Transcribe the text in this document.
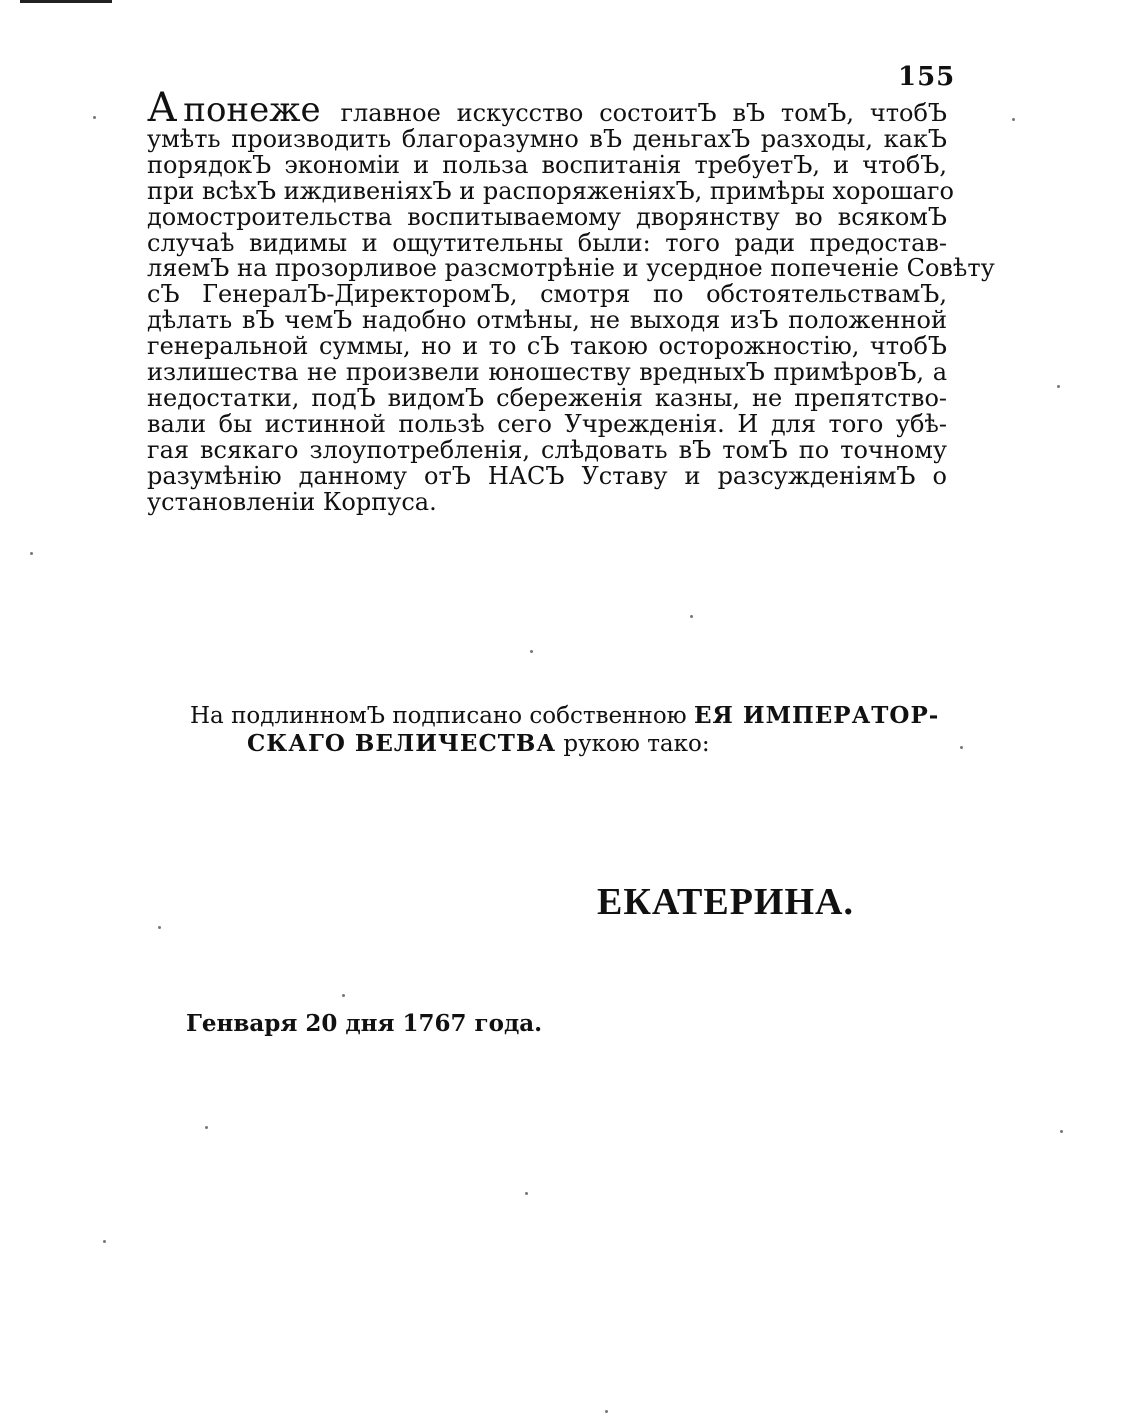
155
А понеже главное искусство состоитЪ вЪ томЪ, чтобЪ
умѣть производить благоразумно вЪ деньгахЪ разходы, какЪ
порядокЪ экономіи и польза воспитанія требуетЪ, и чтобЪ,
при всѣхЪ иждивеніяхЪ и распоряженіяхЪ, примѣры хорошаго
домостроительства воспитываемому дворянству во всякомЪ
случаѣ видимы и ощутительны были: того ради предостав-
ляемЪ на прозорливое разсмотрѣніе и усердное попеченіе Совѣту
сЪ ГенералЪ-ДиректоромЪ, смотря по обстоятельствамЪ,
дѣлать вЪ чемЪ надобно отмѣны, не выходя изЪ положенной
генеральной суммы, но и то сЪ такою осторожностію, чтобЪ
излишества не произвели юношеству вредныхЪ примѣровЪ, а
недостатки, подЪ видомЪ сбереженія казны, не препятство-
вали бы истинной пользѣ сего Учрежденія. И для того убѣ-
гая всякаго злоупотребленія, слѣдовать вЪ томЪ по точному
разумѣнію данному отЪ НАСЪ Уставу и разсужденіямЪ о
установленіи Корпуса.
На подлинномЪ подписано собственною ЕЯ ИМПЕРАТОР-
СКАГО ВЕЛИЧЕСТВА рукою тако:
ЕКАТЕРИНА.
Генваря 20 дня 1767 года.
